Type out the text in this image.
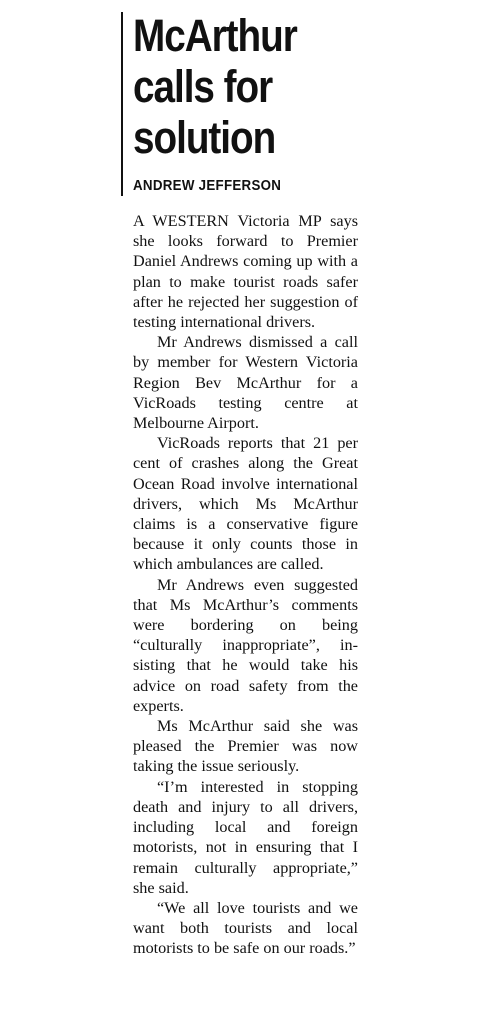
McArthur
calls for
solution
ANDREW JEFFERSON

A WESTERN Victoria MP says she looks forward to Premier Daniel Andrews coming up with a plan to make tourist roads safer after he rejected her suggestion of testing international drivers.

Mr Andrews dismissed a call by member for Western Victoria Region Bev McArthur for a VicRoads testing centre at Melbourne Airport.

VicRoads reports that 21 per cent of crashes along the Great Ocean Road involve international drivers, which Ms McArthur claims is a conservative figure because it only counts those in which ambulances are called.

Mr Andrews even suggested that Ms McArthur’s comments were bordering on being “culturally inappropriate”, insisting that he would take his advice on road safety from the experts.

Ms McArthur said she was pleased the Premier was now taking the issue seriously.

“I’m interested in stopping death and injury to all drivers, including local and foreign motorists, not in ensuring that I remain culturally appropriate,” she said.

“We all love tourists and we want both tourists and local motorists to be safe on our roads.”
